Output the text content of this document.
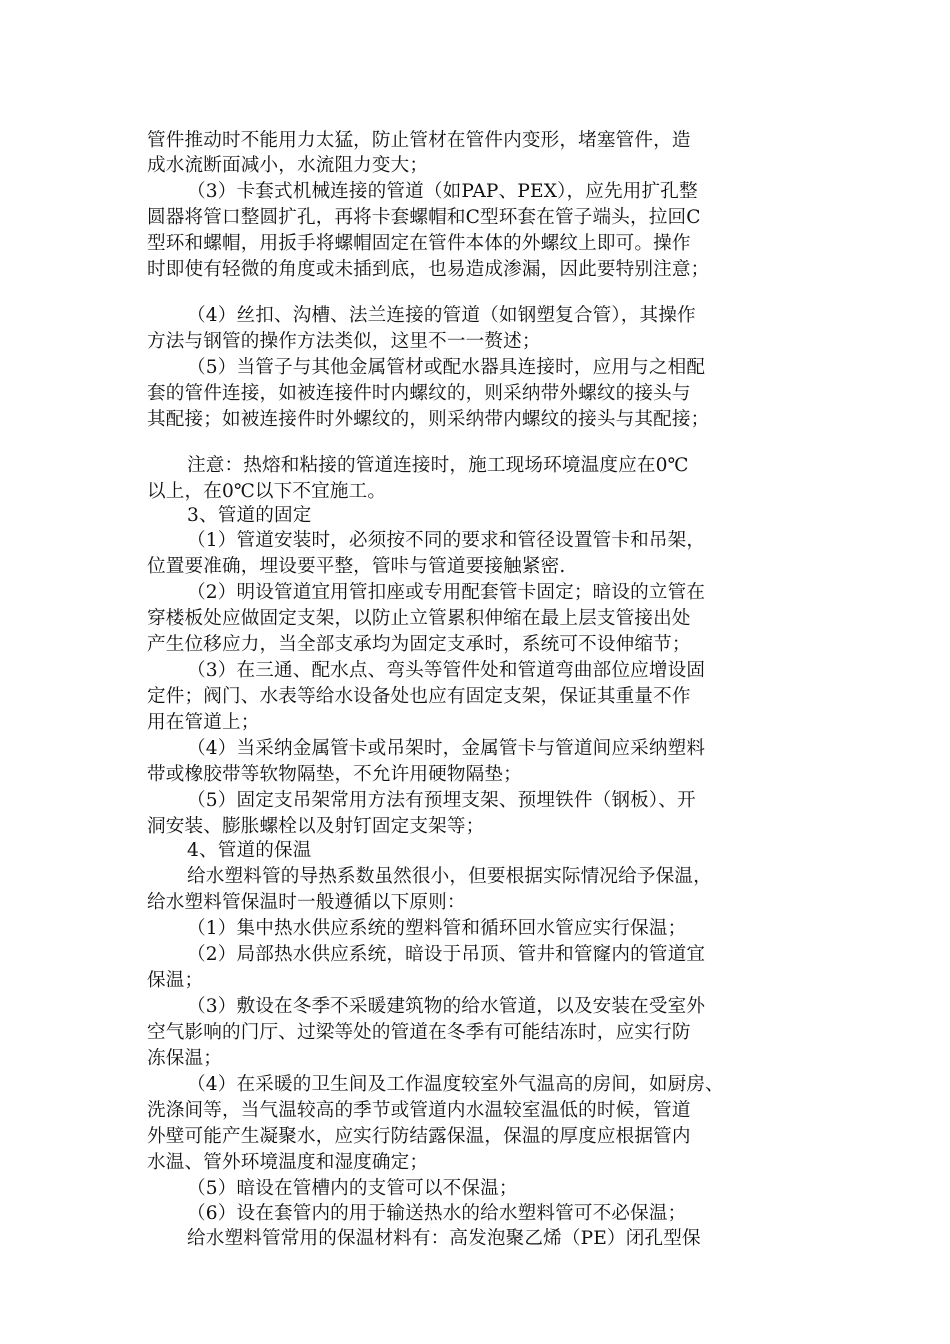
管件推动时不能用力太猛，防止管材在管件内变形，堵塞管件，造
成水流断面减小，水流阻力变大；
（3）卡套式机械连接的管道（如PAP、PEX），应先用扩孔整
圆器将管口整圆扩孔，再将卡套螺帽和C型环套在管子端头，拉回C
型环和螺帽，用扳手将螺帽固定在管件本体的外螺纹上即可。操作
时即使有轻微的角度或未插到底，也易造成渗漏，因此要特别注意；
（4）丝扣、沟槽、法兰连接的管道（如钢塑复合管），其操作
方法与钢管的操作方法类似，这里不一一赘述；
（5）当管子与其他金属管材或配水器具连接时，应用与之相配
套的管件连接，如被连接件时内螺纹的，则采纳带外螺纹的接头与
其配接；如被连接件时外螺纹的，则采纳带内螺纹的接头与其配接；
注意：热熔和粘接的管道连接时，施工现场环境温度应在0℃
以上，在0℃以下不宜施工。
3、管道的固定
（1）管道安装时，必须按不同的要求和管径设置管卡和吊架，
位置要准确，埋设要平整，管咔与管道要接触紧密.
（2）明设管道宜用管扣座或专用配套管卡固定；暗设的立管在
穿楼板处应做固定支架，以防止立管累积伸缩在最上层支管接出处
产生位移应力，当全部支承均为固定支承时，系统可不设伸缩节；
（3）在三通、配水点、弯头等管件处和管道弯曲部位应增设固
定件；阀门、水表等给水设备处也应有固定支架，保证其重量不作
用在管道上；
（4）当采纳金属管卡或吊架时，金属管卡与管道间应采纳塑料
带或橡胶带等软物隔垫，不允许用硬物隔垫；
（5）固定支吊架常用方法有预埋支架、预埋铁件（钢板）、开
洞安装、膨胀螺栓以及射钉固定支架等；
4、管道的保温
给水塑料管的导热系数虽然很小，但要根据实际情况给予保温，
给水塑料管保温时一般遵循以下原则：
（1）集中热水供应系统的塑料管和循环回水管应实行保温；
（2）局部热水供应系统，暗设于吊顶、管井和管窿内的管道宜
保温；
（3）敷设在冬季不采暖建筑物的给水管道，以及安装在受室外
空气影响的门厅、过梁等处的管道在冬季有可能结冻时，应实行防
冻保温；
（4）在采暖的卫生间及工作温度较室外气温高的房间，如厨房、
洗涤间等，当气温较高的季节或管道内水温较室温低的时候，管道
外壁可能产生凝聚水，应实行防结露保温，保温的厚度应根据管内
水温、管外环境温度和湿度确定；
（5）暗设在管槽内的支管可以不保温；
（6）设在套管内的用于输送热水的给水塑料管可不必保温；
给水塑料管常用的保温材料有：高发泡聚乙烯（PE）闭孔型保
